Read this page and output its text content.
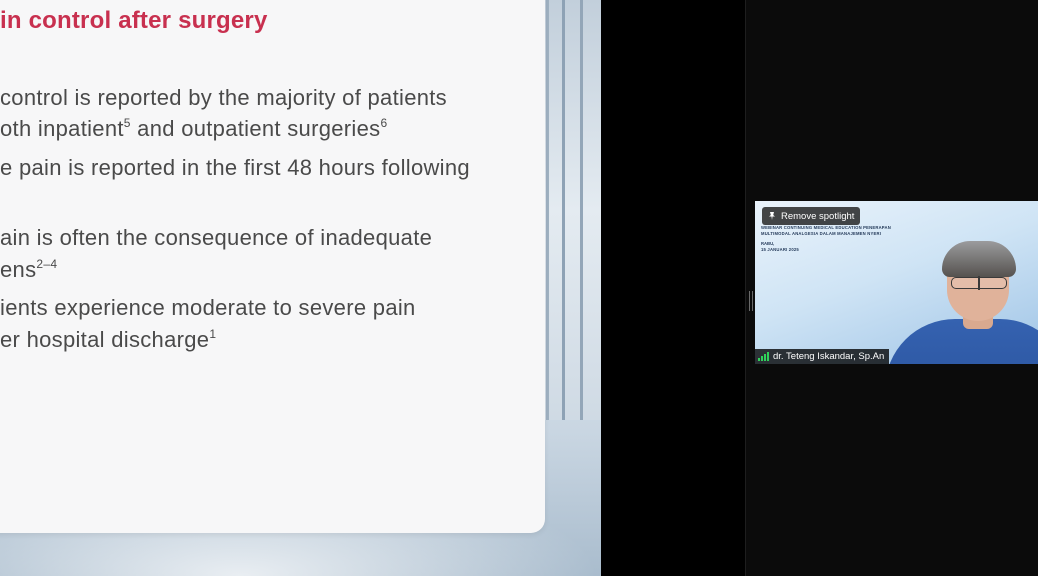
in control after surgery
control is reported by the majority of patients
oth inpatient$^5$ and outpatient surgeries$^6$
e pain is reported in the first 48 hours following
ain is often the consequence of inadequate
ens$^{2-4}$
ients experience moderate to severe pain
er hospital discharge$^1$
WEBINAR CONTINUING MEDICAL EDUCATION PENERAPAN
MULTIMODAL ANALGESIA DALAM MANAJEMEN NYERI
RABU,
15 JANUARI 2025
Remove spotlight
dr. Teteng Iskandar, Sp.An
